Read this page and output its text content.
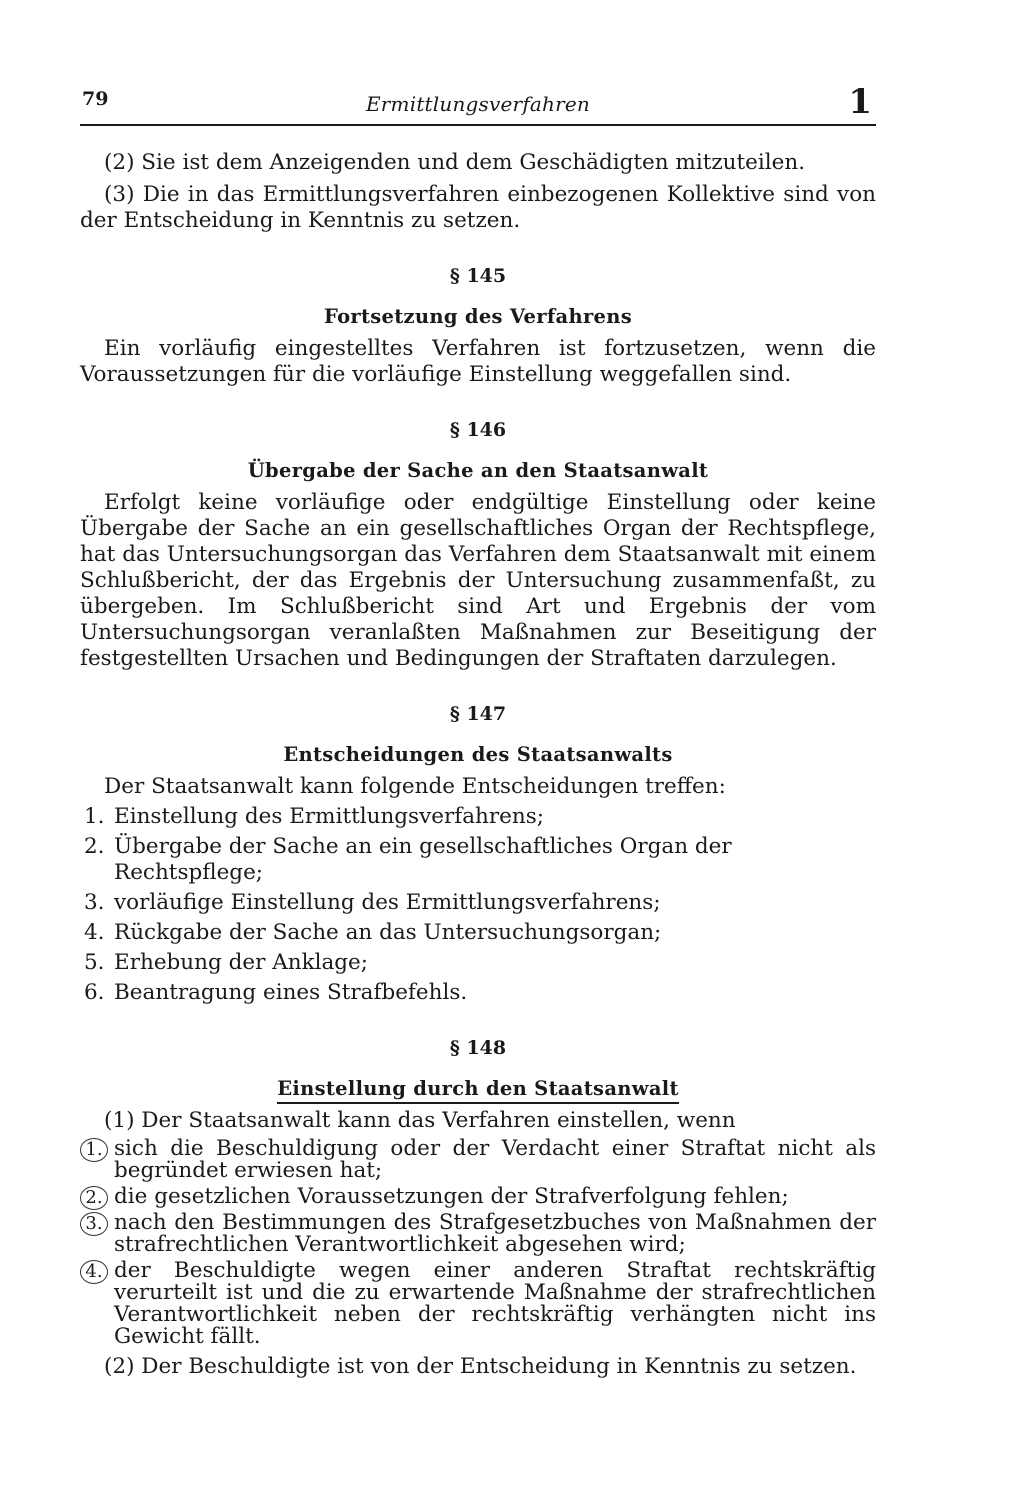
79	Ermittlungsverfahren	1

(2) Sie ist dem Anzeigenden und dem Geschädigten mitzuteilen.

(3) Die in das Ermittlungsverfahren einbezogenen Kollektive sind von der Entscheidung in Kenntnis zu setzen.

§ 145
Fortsetzung des Verfahrens

Ein vorläufig eingestelltes Verfahren ist fortzusetzen, wenn die Voraussetzungen für die vorläufige Einstellung weggefallen sind.

§ 146
Übergabe der Sache an den Staatsanwalt

Erfolgt keine vorläufige oder endgültige Einstellung oder keine Übergabe der Sache an ein gesellschaftliches Organ der Rechtspflege, hat das Untersuchungsorgan das Verfahren dem Staatsanwalt mit einem Schlußbericht, der das Ergebnis der Untersuchung zusammenfaßt, zu übergeben. Im Schlußbericht sind Art und Ergebnis der vom Untersuchungsorgan veranlaßten Maßnahmen zur Beseitigung der festgestellten Ursachen und Bedingungen der Straftaten darzulegen.

§ 147
Entscheidungen des Staatsanwalts

Der Staatsanwalt kann folgende Entscheidungen treffen:

1. Einstellung des Ermittlungsverfahrens;
2. Übergabe der Sache an ein gesellschaftliches Organ der Rechtspflege;
3. vorläufige Einstellung des Ermittlungsverfahrens;
4. Rückgabe der Sache an das Untersuchungsorgan;
5. Erhebung der Anklage;
6. Beantragung eines Strafbefehls.
§ 148
Einstellung durch den Staatsanwalt

(1) Der Staatsanwalt kann das Verfahren einstellen, wenn

1. sich die Beschuldigung oder der Verdacht einer Straftat nicht als begründet erwiesen hat;
2. die gesetzlichen Voraussetzungen der Strafverfolgung fehlen;
3. nach den Bestimmungen des Strafgesetzbuches von Maßnahmen der strafrechtlichen Verantwortlichkeit abgesehen wird;
4. der Beschuldigte wegen einer anderen Straftat rechtskräftig verurteilt ist und die zu erwartende Maßnahme der strafrechtlichen Verantwortlichkeit neben der rechtskräftig verhängten nicht ins Gewicht fällt.

(2) Der Beschuldigte ist von der Entscheidung in Kenntnis zu setzen.
